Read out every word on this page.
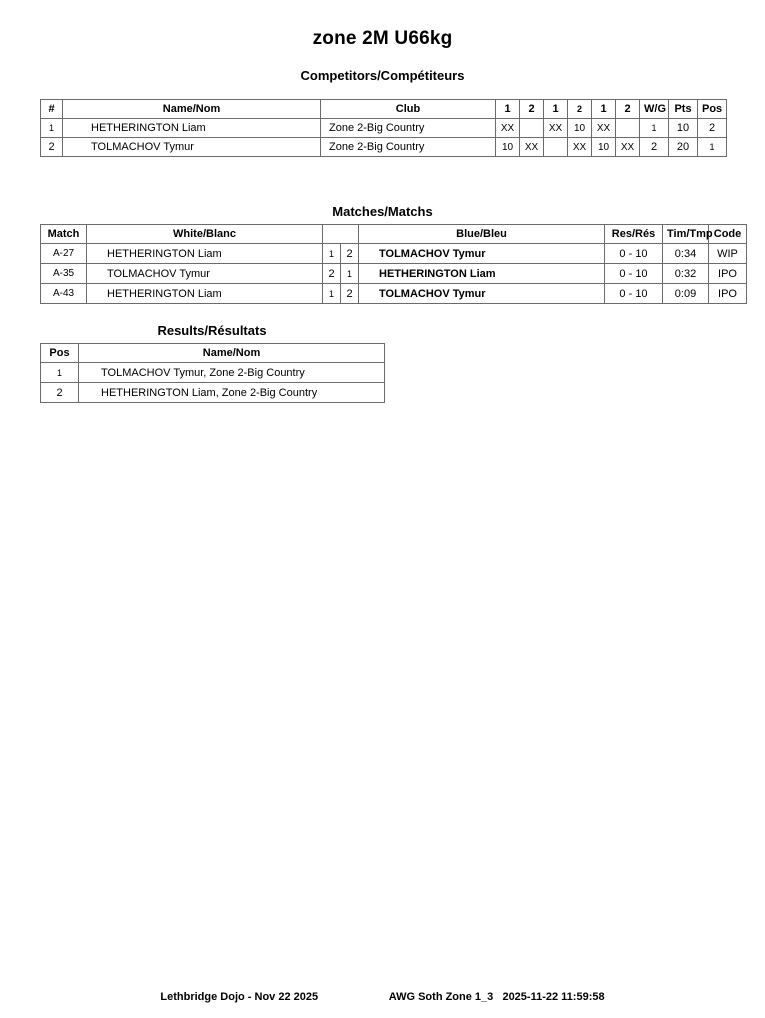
zone 2M U66kg
Competitors/Compétiteurs
#	Name/Nom	Club	1	2	1	2	1	2	W/G	Pts	Pos
1	HETHERINGTON Liam	Zone 2-Big Country	XX		XX	10	XX		1	10	2
2	TOLMACHOV Tymur	Zone 2-Big Country	10	XX		XX	10	XX	2	20	1
Matches/Matchs
Match	White/Blanc			Blue/Bleu	Res/Rés	Tim/Tmp	Code
A-27	HETHERINGTON Liam	1	2	TOLMACHOV Tymur	0 - 10	0:34	WIP
A-35	TOLMACHOV Tymur	2	1	HETHERINGTON Liam	0 - 10	0:32	IPO
A-43	HETHERINGTON Liam	1	2	TOLMACHOV Tymur	0 - 10	0:09	IPO
Results/Résultats
Pos	Name/Nom
1	TOLMACHOV Tymur, Zone 2-Big Country
2	HETHERINGTON Liam, Zone 2-Big Country
Lethbridge Dojo - Nov 22 2025	AWG Soth Zone 1_3   2025-11-22 11:59:58
